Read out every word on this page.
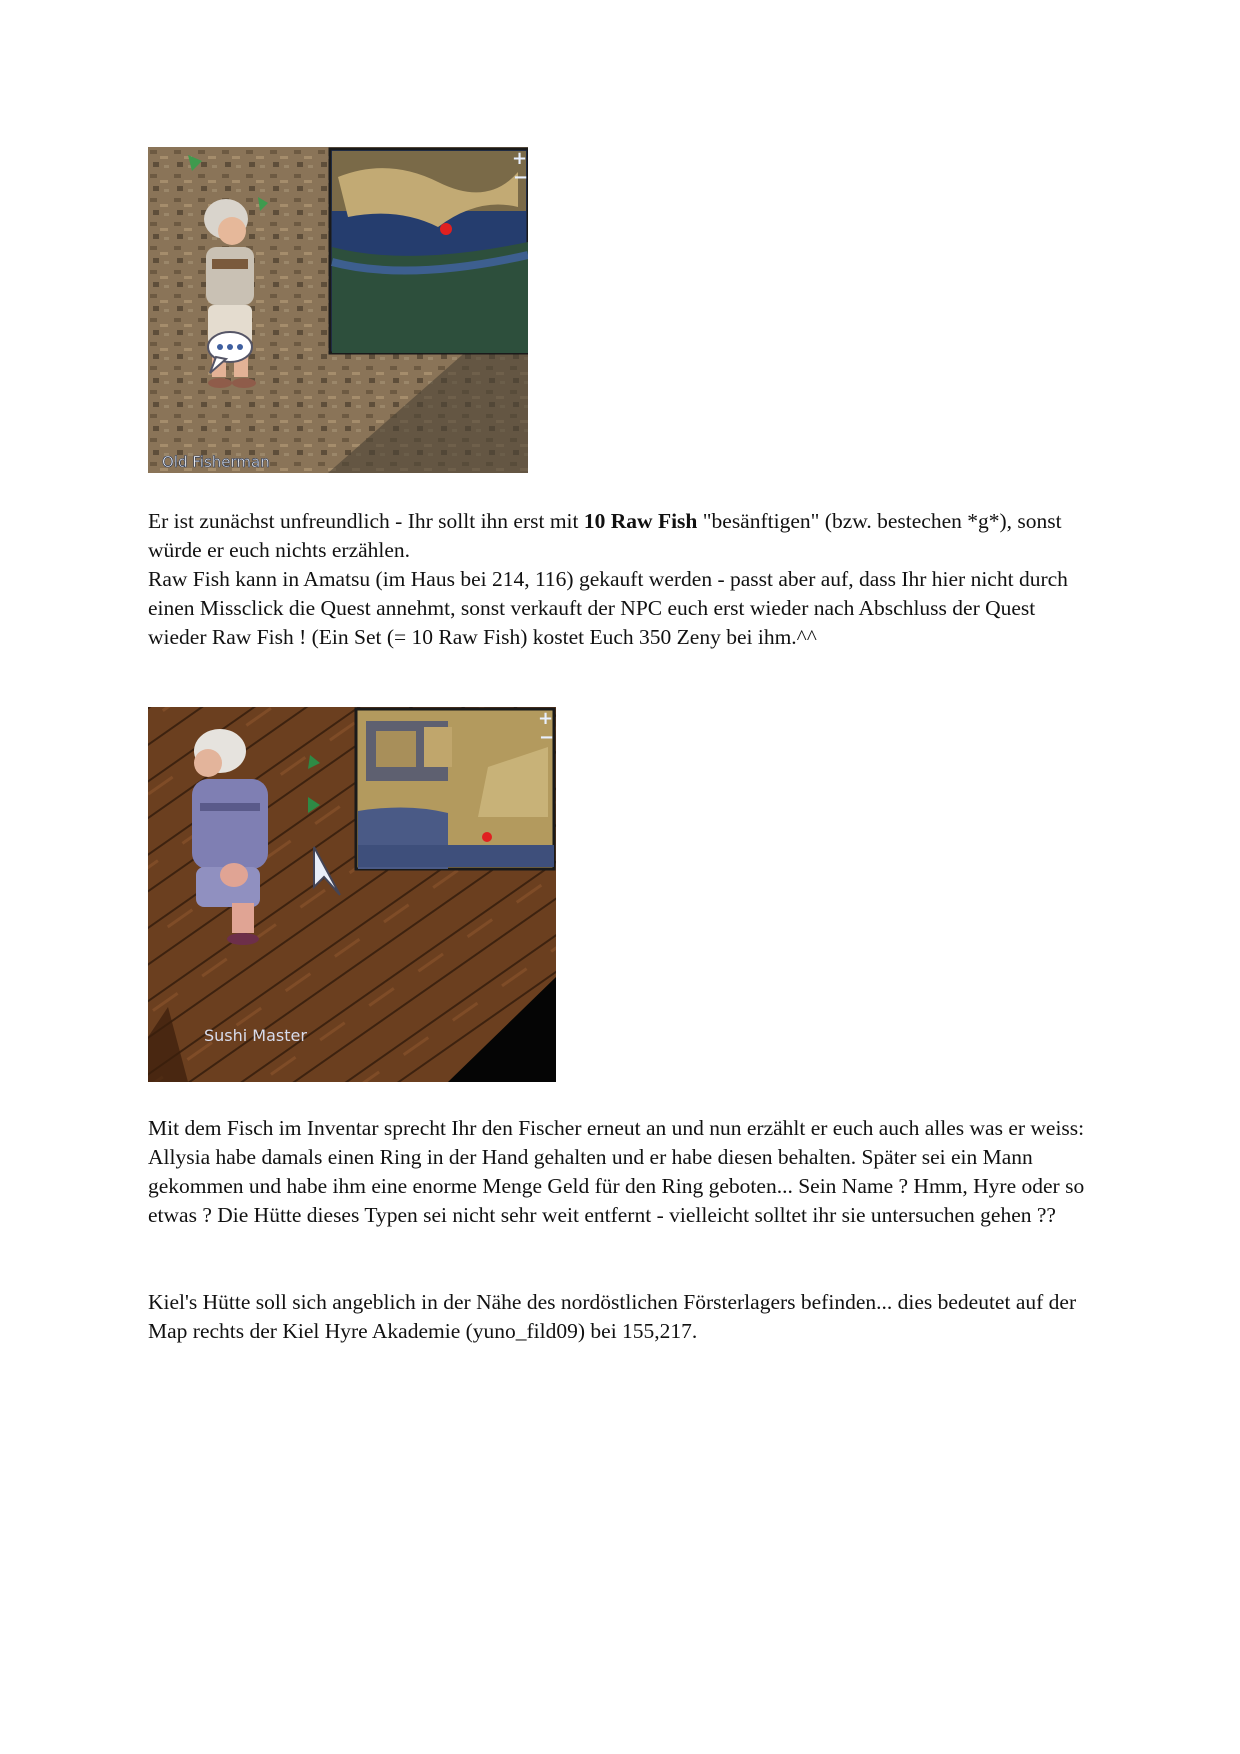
+
−
Old Fisherman

Er ist zunächst unfreundlich - Ihr sollt ihn erst mit 10 Raw Fish "besänftigen" (bzw. bestechen *g*), sonst würde er euch nichts erzählen.
Raw Fish kann in Amatsu (im Haus bei 214, 116) gekauft werden - passt aber auf, dass Ihr hier nicht durch einen Missclick die Quest annehmt, sonst verkauft der NPC euch erst wieder nach Abschluss der Quest wieder Raw Fish ! (Ein Set (= 10 Raw Fish) kostet Euch 350 Zeny bei ihm.^^

+
−
Sushi Master

Mit dem Fisch im Inventar sprecht Ihr den Fischer erneut an und nun erzählt er euch auch alles was er weiss: Allysia habe damals einen Ring in der Hand gehalten und er habe diesen behalten. Später sei ein Mann gekommen und habe ihm eine enorme Menge Geld für den Ring geboten... Sein Name ? Hmm, Hyre oder so etwas ? Die Hütte dieses Typen sei nicht sehr weit entfernt - vielleicht solltet ihr sie untersuchen gehen ??

Kiel's Hütte soll sich angeblich in der Nähe des nordöstlichen Försterlagers befinden... dies bedeutet auf der Map rechts der Kiel Hyre Akademie (yuno_fild09) bei 155,217.
